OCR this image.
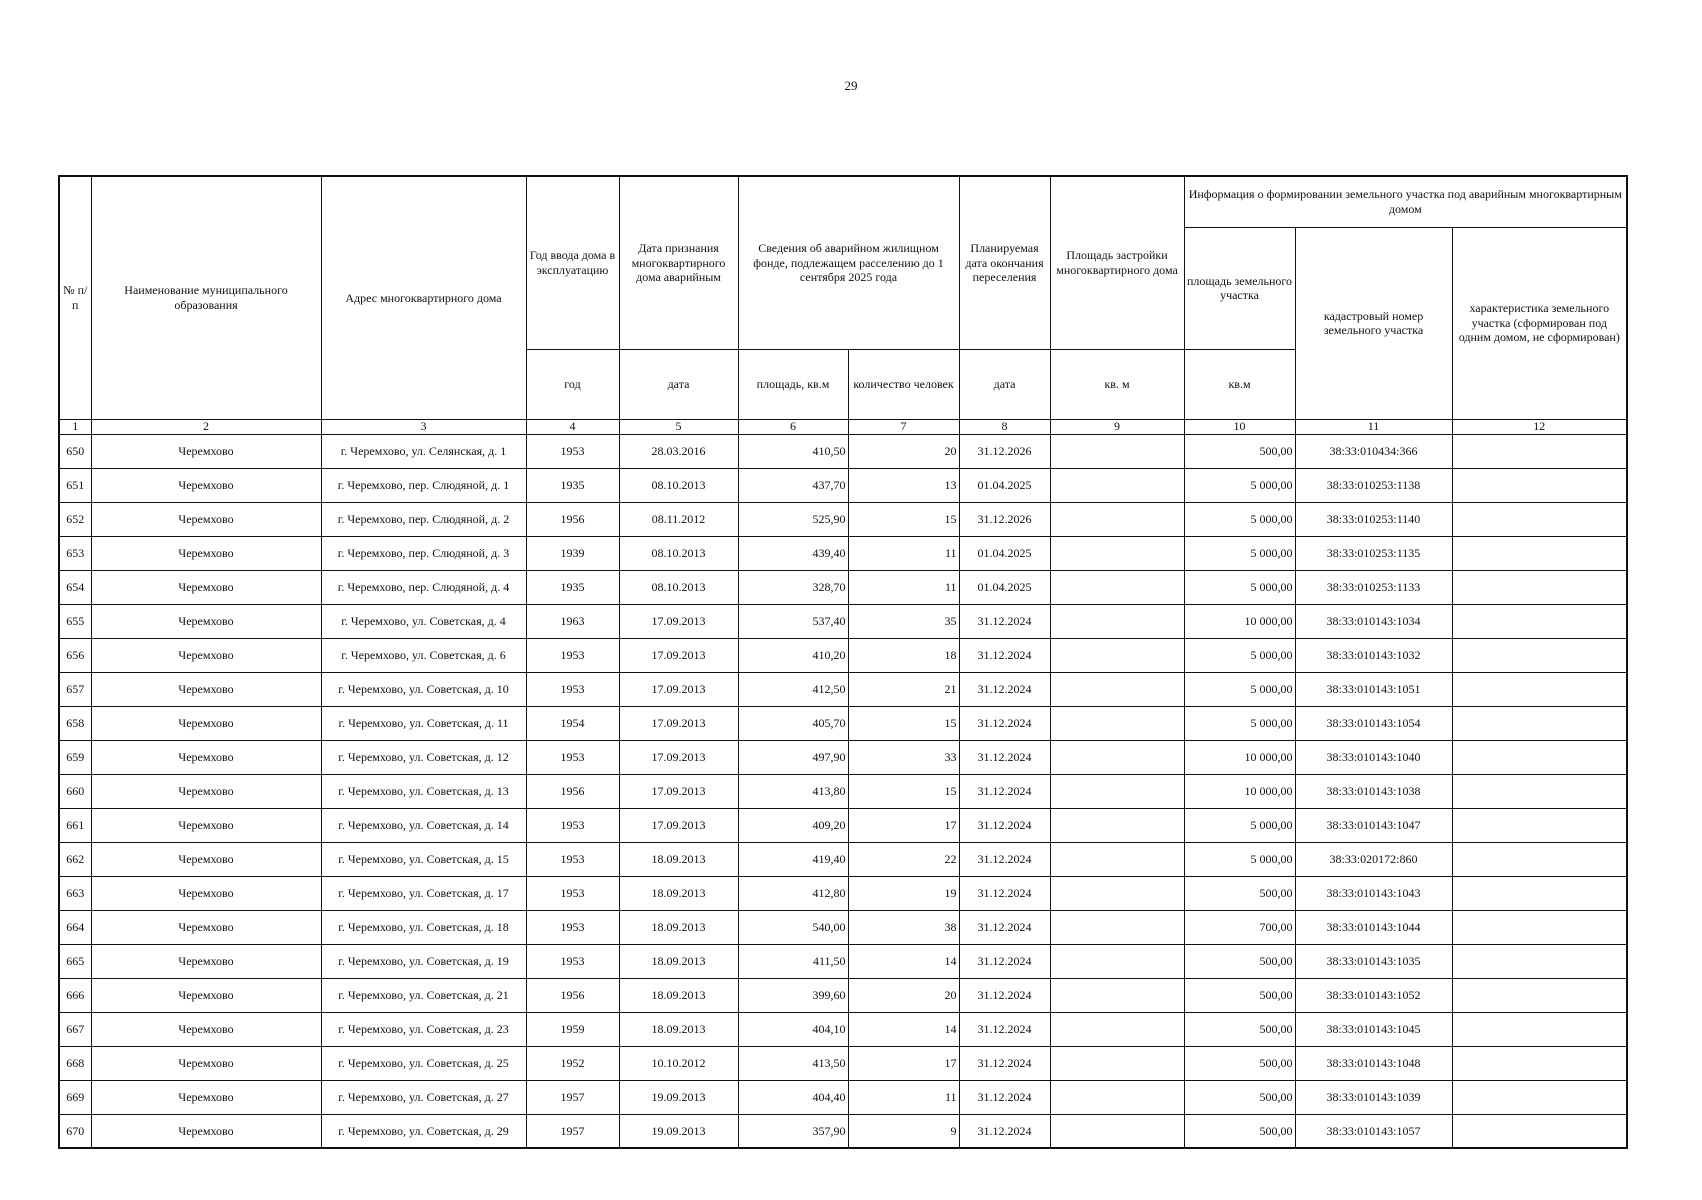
29
№ п/п	Наименование муниципального образования	Адрес многоквартирного дома	Год ввода дома в эксплуатацию	Дата признания многоквартирного дома аварийным	Сведения об аварийном жилищном фонде, подлежащем расселению до 1 сентября 2025 года		Планируемая дата окончания переселения	Площадь застройки многоквартирного дома	Информация о формировании земельного участка под аварийным многоквартирным домом		
									площадь земельного участка	кадастровый номер земельного участка	характеристика земельного участка (сформирован под одним домом, не сформирован)
			год	дата	площадь, кв.м	количество человек	дата	кв. м	кв.м		
1	2	3	4	5	6	7	8	9	10	11	12
650	Черемхово	г. Черемхово, ул. Селянская, д. 1	1953	28.03.2016	410,50	20	31.12.2026		500,00	38:33:010434:366	
651	Черемхово	г. Черемхово, пер. Слюдяной, д. 1	1935	08.10.2013	437,70	13	01.04.2025		5 000,00	38:33:010253:1138	
652	Черемхово	г. Черемхово, пер. Слюдяной, д. 2	1956	08.11.2012	525,90	15	31.12.2026		5 000,00	38:33:010253:1140	
653	Черемхово	г. Черемхово, пер. Слюдяной, д. 3	1939	08.10.2013	439,40	11	01.04.2025		5 000,00	38:33:010253:1135	
654	Черемхово	г. Черемхово, пер. Слюдяной, д. 4	1935	08.10.2013	328,70	11	01.04.2025		5 000,00	38:33:010253:1133	
655	Черемхово	г. Черемхово, ул. Советская, д. 4	1963	17.09.2013	537,40	35	31.12.2024		10 000,00	38:33:010143:1034	
656	Черемхово	г. Черемхово, ул. Советская, д. 6	1953	17.09.2013	410,20	18	31.12.2024		5 000,00	38:33:010143:1032	
657	Черемхово	г. Черемхово, ул. Советская, д. 10	1953	17.09.2013	412,50	21	31.12.2024		5 000,00	38:33:010143:1051	
658	Черемхово	г. Черемхово, ул. Советская, д. 11	1954	17.09.2013	405,70	15	31.12.2024		5 000,00	38:33:010143:1054	
659	Черемхово	г. Черемхово, ул. Советская, д. 12	1953	17.09.2013	497,90	33	31.12.2024		10 000,00	38:33:010143:1040	
660	Черемхово	г. Черемхово, ул. Советская, д. 13	1956	17.09.2013	413,80	15	31.12.2024		10 000,00	38:33:010143:1038	
661	Черемхово	г. Черемхово, ул. Советская, д. 14	1953	17.09.2013	409,20	17	31.12.2024		5 000,00	38:33:010143:1047	
662	Черемхово	г. Черемхово, ул. Советская, д. 15	1953	18.09.2013	419,40	22	31.12.2024		5 000,00	38:33:020172:860	
663	Черемхово	г. Черемхово, ул. Советская, д. 17	1953	18.09.2013	412,80	19	31.12.2024		500,00	38:33:010143:1043	
664	Черемхово	г. Черемхово, ул. Советская, д. 18	1953	18.09.2013	540,00	38	31.12.2024		700,00	38:33:010143:1044	
665	Черемхово	г. Черемхово, ул. Советская, д. 19	1953	18.09.2013	411,50	14	31.12.2024		500,00	38:33:010143:1035	
666	Черемхово	г. Черемхово, ул. Советская, д. 21	1956	18.09.2013	399,60	20	31.12.2024		500,00	38:33:010143:1052	
667	Черемхово	г. Черемхово, ул. Советская, д. 23	1959	18.09.2013	404,10	14	31.12.2024		500,00	38:33:010143:1045	
668	Черемхово	г. Черемхово, ул. Советская, д. 25	1952	10.10.2012	413,50	17	31.12.2024		500,00	38:33:010143:1048	
669	Черемхово	г. Черемхово, ул. Советская, д. 27	1957	19.09.2013	404,40	11	31.12.2024		500,00	38:33:010143:1039	
670	Черемхово	г. Черемхово, ул. Советская, д. 29	1957	19.09.2013	357,90	9	31.12.2024		500,00	38:33:010143:1057	
